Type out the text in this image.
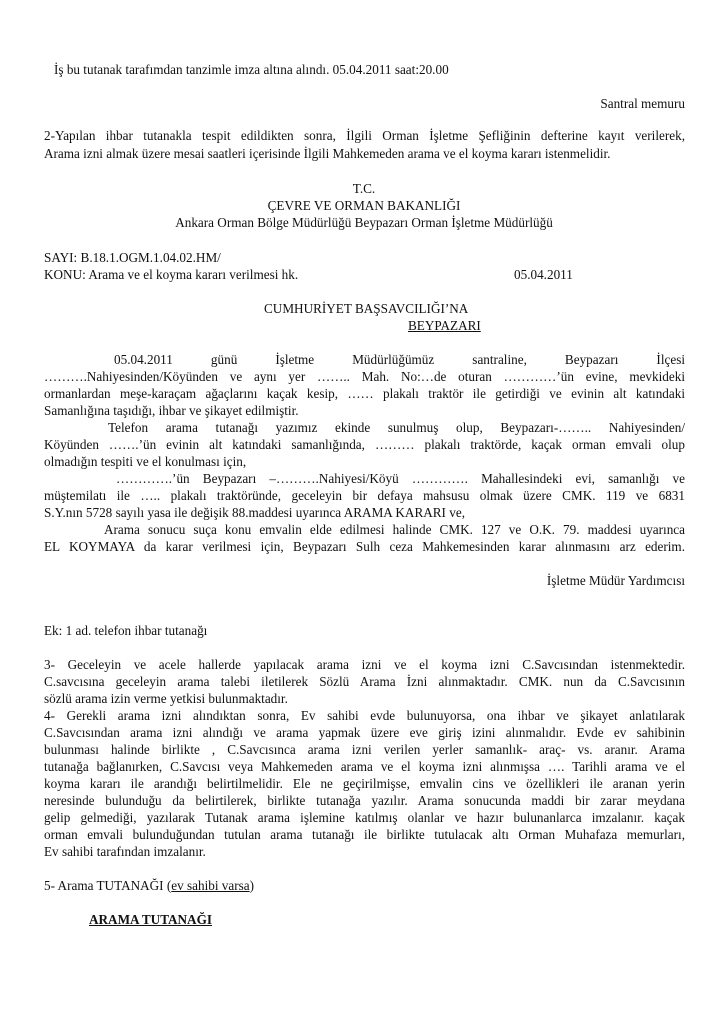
İş bu tutanak tarafımdan tanzimle imza altına alındı. 05.04.2011 saat:20.00
Santral memuru
2-Yapılan ihbar tutanakla tespit edildikten sonra, İlgili Orman İşletme Şefliğinin defterine kayıt verilerek,
Arama izni almak üzere mesai saatleri içerisinde İlgili Mahkemeden arama ve el koyma kararı istenmelidir.
T.C.
ÇEVRE VE ORMAN BAKANLIĞI
Ankara Orman Bölge Müdürlüğü Beypazarı Orman İşletme Müdürlüğü
SAYI: B.18.1.OGM.1.04.02.HM/
KONU: Arama ve el koyma kararı verilmesi hk.	05.04.2011
CUMHURİYET BAŞSAVCILIĞI’NA
BEYPAZARI
05.04.2011 günü İşletme Müdürlüğümüz santraline, Beypazarı İlçesi
……….Nahiyesinden/Köyünden ve aynı yer …….. Mah. No:…de oturan …………’ün evine, mevkideki
ormanlardan meşe-karaçam ağaçlarını kaçak kesip, …… plakalı traktör ile getirdiği ve evinin alt katındaki
Samanlığına taşıdığı, ihbar ve şikayet edilmiştir.
Telefon arama tutanağı yazımız ekinde sunulmuş olup, Beypazarı-…….. Nahiyesinden/
Köyünden …….’ün evinin alt katındaki samanlığında, ……… plakalı traktörde, kaçak orman emvali olup
olmadığın tespiti ve el konulması için,
………….’ün Beypazarı –……….Nahiyesi/Köyü …………. Mahallesindeki evi, samanlığı ve
müştemilatı ile ….. plakalı traktöründe, geceleyin bir defaya mahsusu olmak üzere CMK. 119 ve 6831
S.Y.nın 5728 sayılı yasa ile değişik 88.maddesi uyarınca ARAMA KARARI ve,
Arama sonucu suça konu emvalin elde edilmesi halinde CMK. 127 ve O.K. 79. maddesi uyarınca
EL KOYMAYA da karar verilmesi için, Beypazarı Sulh ceza Mahkemesinden karar alınmasını arz ederim.
İşletme Müdür Yardımcısı
Ek: 1 ad. telefon ihbar tutanağı
3- Geceleyin ve acele hallerde yapılacak arama izni ve el koyma izni C.Savcısından istenmektedir.
C.savcısına geceleyin arama talebi iletilerek Sözlü Arama İzni alınmaktadır. CMK. nun da C.Savcısının
sözlü arama izin verme yetkisi bulunmaktadır.
4- Gerekli arama izni alındıktan sonra, Ev sahibi evde bulunuyorsa, ona ihbar ve şikayet anlatılarak
C.Savcısından arama izni alındığı ve arama yapmak üzere eve giriş izini alınmalıdır. Evde ev sahibinin
bulunması halinde birlikte , C.Savcısınca arama izni verilen yerler samanlık- araç- vs. aranır. Arama
tutanağa bağlanırken, C.Savcısı veya Mahkemeden arama ve el koyma izni alınmışsa …. Tarihli arama ve el
koyma kararı ile arandığı belirtilmelidir. Ele ne geçirilmişse, emvalin cins ve özellikleri ile aranan yerin
neresinde bulunduğu da belirtilerek, birlikte tutanağa yazılır. Arama sonucunda maddi bir zarar meydana
gelip gelmediği, yazılarak Tutanak arama işlemine katılmış olanlar ve hazır bulunanlarca imzalanır. kaçak
orman emvali bulunduğundan tutulan arama tutanağı ile birlikte tutulacak altı Orman Muhafaza memurları,
Ev sahibi tarafından imzalanır.
5- Arama TUTANAĞI (ev sahibi varsa)
ARAMA TUTANAĞI
